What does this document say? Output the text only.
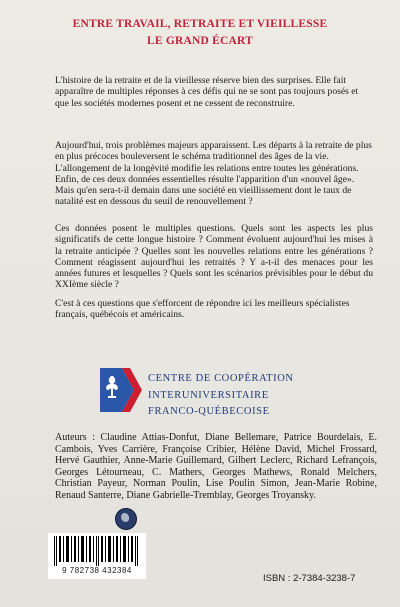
ENTRE TRAVAIL, RETRAITE ET VIEILLESSE
LE GRAND ÉCART

L'histoire de la retraite et de la vieillesse réserve bien des surprises. Elle fait apparaître de multiples réponses à ces défis qui ne se sont pas toujours posés et que les sociétés modernes posent et ne cessent de reconstruire.

Aujourd'hui, trois problèmes majeurs apparaissent. Les départs à la retraite de plus en plus précoces bouleversent le schéma traditionnel des âges de la vie. L'allongement de la longévité modifie les relations entre toutes les générations. Enfin, de ces deux données essentielles résulte l'apparition d'un «nouvel âge». Mais qu'en sera-t-il demain dans une société en vieillissement dont le taux de natalité est en dessous du seuil de renouvellement ?

Ces données posent le multiples questions. Quels sont les aspects les plus significatifs de cette longue histoire ? Comment évoluent aujourd'hui les mises à la retraite anticipée ? Quelles sont les nouvelles relations entre les générations ? Comment réagissent aujourd'hui les retraités ? Y a-t-il des menaces pour les années futures et lesquelles ? Quels sont les scénarios prévisibles pour le début du XXIème siècle ?

C'est à ces questions que s'efforcent de répondre ici les meilleurs spécialistes français, québécois et américains.

CENTRE DE COOPÉRATION
INTERUNIVERSITAIRE
FRANCO-QUÉBECOISE

Auteurs : Claudine Attias-Donfut, Diane Bellemare, Patrice Bourdelais, E. Cambois, Yves Carrière, Françoise Cribier, Hélène David, Michel Frossard, Hervé Gauthier, Anne-Marie Guillemard, Gilbert Leclerc, Richard Lefrançois, Georges Létourneau, C. Mathers, Georges Mathews, Ronald Melchers, Christian Payeur, Norman Poulin, Lise Poulin Simon, Jean-Marie Robine, Renaud Santerre, Diane Gabrielle-Tremblay, Georges Troyansky.

9 782738 432384
ISBN : 2-7384-3238-7
